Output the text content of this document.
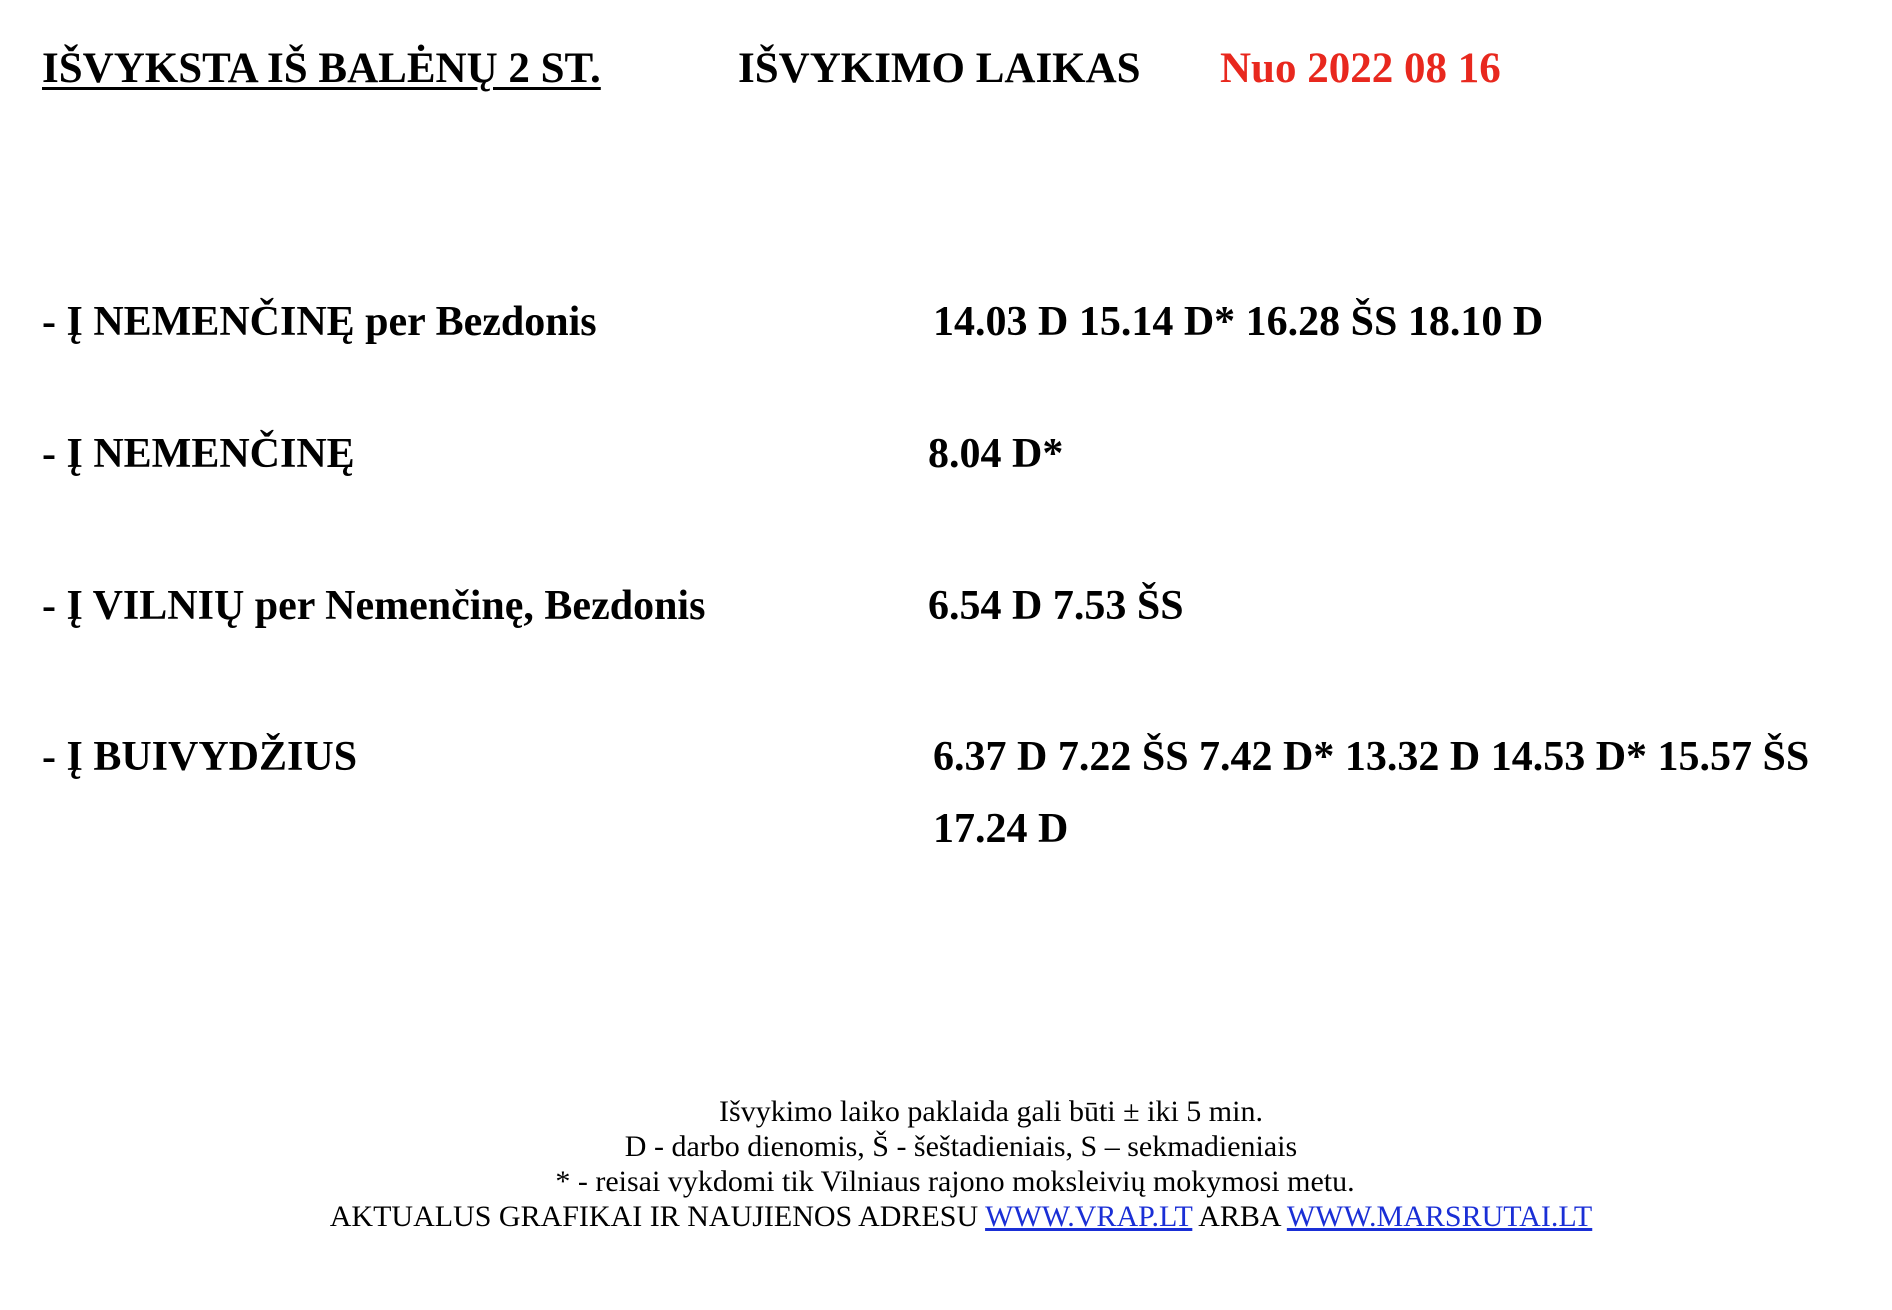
IŠVYKSTA IŠ BALĖNŲ 2 ST.	IŠVYKIMO LAIKAS Nuo 2022 08 16
- Į NEMENČINĘ per Bezdonis	14.03 D 15.14 D* 16.28 ŠS 18.10 D
- Į NEMENČINĘ	8.04 D*
- Į VILNIŲ per Nemenčinę, Bezdonis	6.54 D 7.53 ŠS
- Į BUIVYDŽIUS	6.37 D 7.22 ŠS 7.42 D* 13.32 D 14.53 D* 15.57 ŠS 17.24 D
Išvykimo laiko paklaida gali būti ± iki 5 min.
D - darbo dienomis, Š - šeštadieniais, S – sekmadieniais
* - reisai vykdomi tik Vilniaus rajono moksleivių mokymosi metu.
AKTUALUS GRAFIKAI IR NAUJIENOS ADRESU WWW.VRAP.LT ARBA WWW.MARSRUTAI.LT
